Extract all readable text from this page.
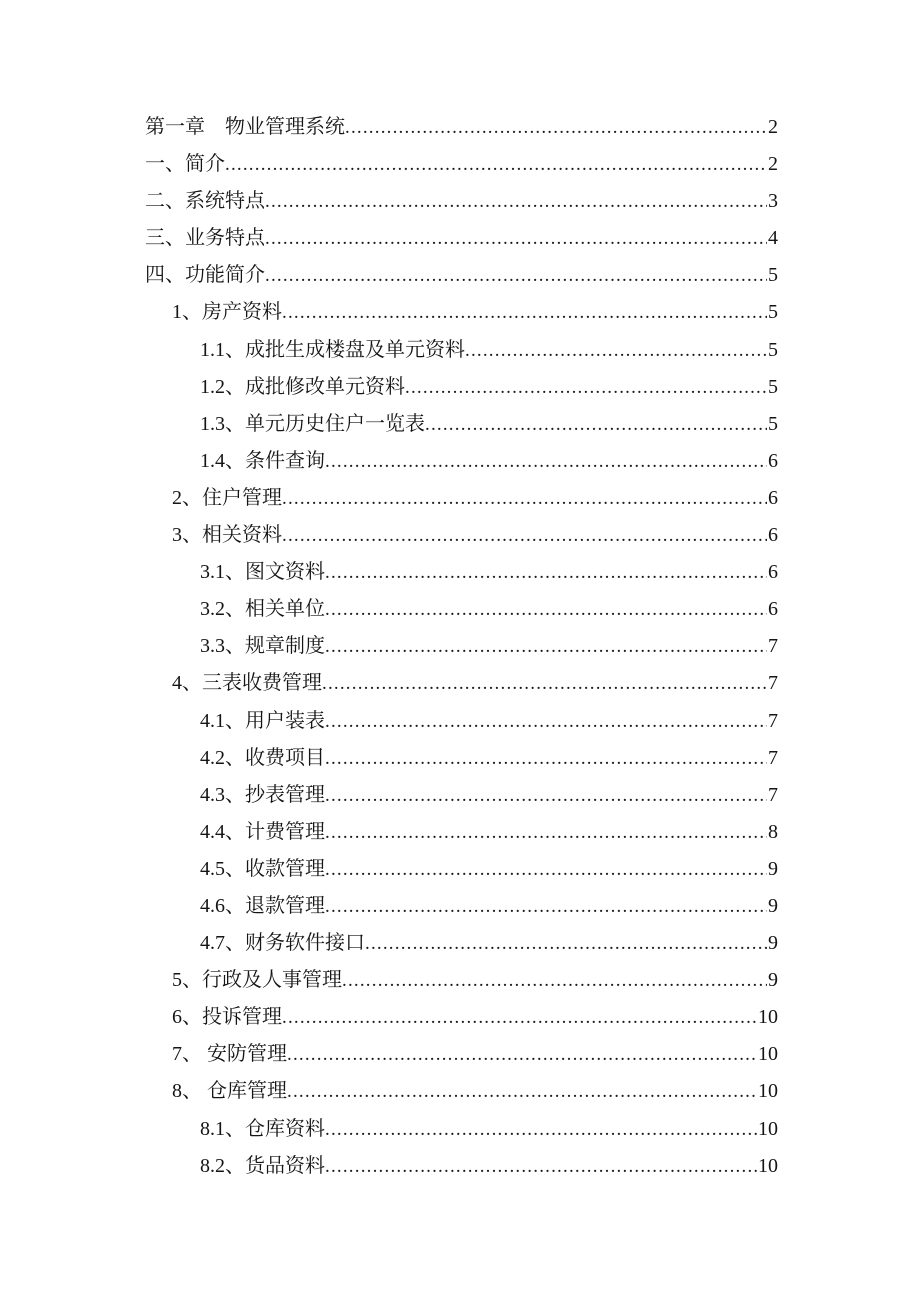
第一章　物业管理系统 .....	2
一、简介 .....	2
二、系统特点 .....	3
三、业务特点 .....	4
四、功能简介 .....	5
1、房产资料 .....	5
1.1、成批生成楼盘及单元资料 .....	5
1.2、成批修改单元资料 .....	5
1.3、单元历史住户一览表 .....	5
1.4、条件查询 .....	6
2、住户管理 .....	6
3、相关资料 .....	6
3.1、图文资料 .....	6
3.2、相关单位 .....	6
3.3、规章制度 .....	7
4、三表收费管理 .....	7
4.1、用户装表 .....	7
4.2、收费项目 .....	7
4.3、抄表管理 .....	7
4.4、计费管理 .....	8
4.5、收款管理 .....	9
4.6、退款管理 .....	9
4.7、财务软件接口 .....	9
5、行政及人事管理 .....	9
6、投诉管理 .....	10
7、 安防管理 .....	10
8、 仓库管理 .....	10
8.1、仓库资料 .....	10
8.2、货品资料 .....	10
